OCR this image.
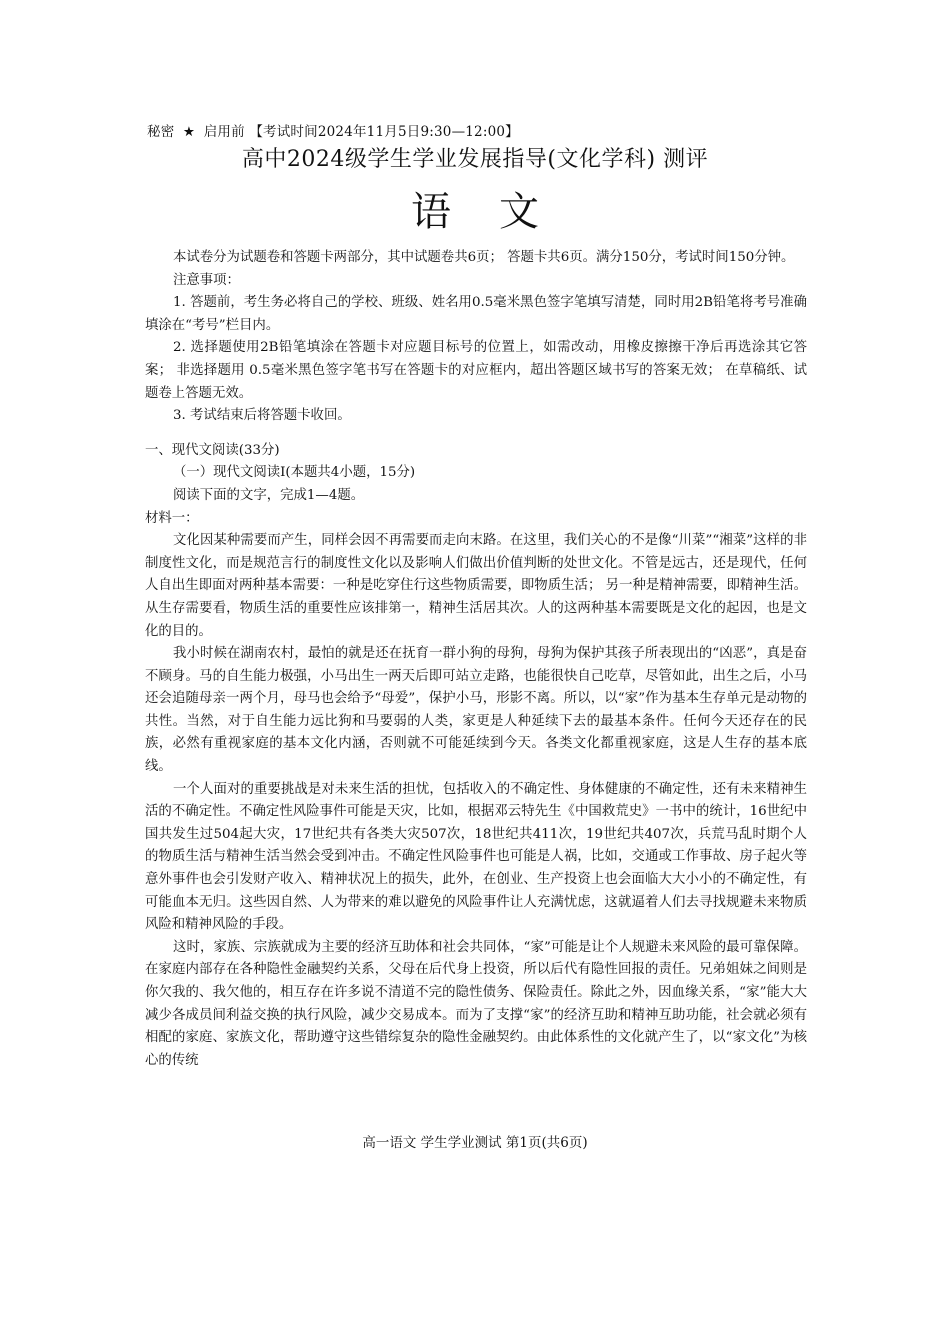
秘密 ★ 启用前 【考试时间2024年11月5日9:30—12:00】
高中2024级学生学业发展指导(文化学科) 测评
语文

本试卷分为试题卷和答题卡两部分，其中试题卷共6页； 答题卡共6页。满分150分，考试时间150分钟。

注意事项：

1. 答题前，考生务必将自己的学校、班级、姓名用0.5毫米黑色签字笔填写清楚，同时用2B铅笔将考号准确填涂在“考号”栏目内。

2. 选择题使用2B铅笔填涂在答题卡对应题目标号的位置上，如需改动，用橡皮擦擦干净后再选涂其它答案； 非选择题用 0.5毫米黑色签字笔书写在答题卡的对应框内，超出答题区域书写的答案无效； 在草稿纸、试题卷上答题无效。

3. 考试结束后将答题卡收回。

一、现代文阅读(33分)

（一）现代文阅读Ⅰ(本题共4小题，15分)

阅读下面的文字，完成1—4题。

材料一：

文化因某种需要而产生，同样会因不再需要而走向末路。在这里，我们关心的不是像“川菜”“湘菜”这样的非制度性文化，而是规范言行的制度性文化以及影响人们做出价值判断的处世文化。不管是远古，还是现代，任何人自出生即面对两种基本需要：一种是吃穿住行这些物质需要，即物质生活； 另一种是精神需要，即精神生活。从生存需要看，物质生活的重要性应该排第一，精神生活居其次。人的这两种基本需要既是文化的起因，也是文化的目的。

我小时候在湖南农村，最怕的就是还在抚育一群小狗的母狗，母狗为保护其孩子所表现出的“凶恶”，真是奋不顾身。马的自生能力极强，小马出生一两天后即可站立走路，也能很快自己吃草，尽管如此，出生之后，小马还会追随母亲一两个月，母马也会给予“母爱”，保护小马，形影不离。所以，以“家”作为基本生存单元是动物的共性。当然，对于自生能力远比狗和马要弱的人类，家更是人种延续下去的最基本条件。任何今天还存在的民族，必然有重视家庭的基本文化内涵，否则就不可能延续到今天。各类文化都重视家庭，这是人生存的基本底线。

一个人面对的重要挑战是对未来生活的担忧，包括收入的不确定性、身体健康的不确定性，还有未来精神生活的不确定性。不确定性风险事件可能是天灾，比如，根据邓云特先生《中国救荒史》一书中的统计，16世纪中国共发生过504起大灾，17世纪共有各类大灾507次，18世纪共411次，19世纪共407次，兵荒马乱时期个人的物质生活与精神生活当然会受到冲击。不确定性风险事件也可能是人祸，比如，交通或工作事故、房子起火等意外事件也会引发财产收入、精神状况上的损失，此外，在创业、生产投资上也会面临大大小小的不确定性，有可能血本无归。这些因自然、人为带来的难以避免的风险事件让人充满忧虑，这就逼着人们去寻找规避未来物质风险和精神风险的手段。

这时，家族、宗族就成为主要的经济互助体和社会共同体，“家”可能是让个人规避未来风险的最可靠保障。在家庭内部存在各种隐性金融契约关系，父母在后代身上投资，所以后代有隐性回报的责任。兄弟姐妹之间则是你欠我的、我欠他的，相互存在许多说不清道不完的隐性债务、保险责任。除此之外，因血缘关系，“家”能大大减少各成员间利益交换的执行风险，减少交易成本。而为了支撑“家”的经济互助和精神互助功能，社会就必须有相配的家庭、家族文化，帮助遵守这些错综复杂的隐性金融契约。由此体系性的文化就产生了，以“家文化”为核心的传统

高一语文 学生学业测试 第1页(共6页)
